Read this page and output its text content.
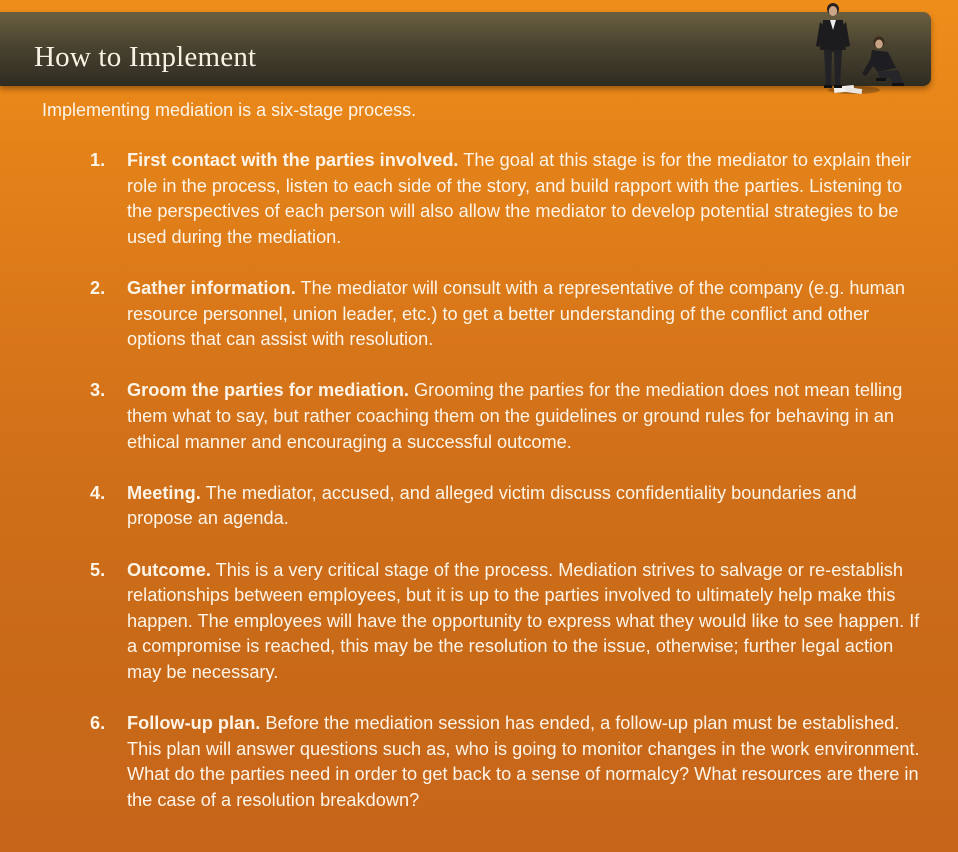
How to Implement

Implementing mediation is a six-stage process.

1. First contact with the parties involved. The goal at this stage is for the mediator to explain their role in the process, listen to each side of the story, and build rapport with the parties. Listening to the perspectives of each person will also allow the mediator to develop potential strategies to be used during the mediation.
2. Gather information. The mediator will consult with a representative of the company (e.g. human resource personnel, union leader, etc.) to get a better understanding of the conflict and other options that can assist with resolution.
3. Groom the parties for mediation. Grooming the parties for the mediation does not mean telling them what to say, but rather coaching them on the guidelines or ground rules for behaving in an ethical manner and encouraging a successful outcome.
4. Meeting. The mediator, accused, and alleged victim discuss confidentiality boundaries and propose an agenda.
5. Outcome. This is a very critical stage of the process. Mediation strives to salvage or re-establish relationships between employees, but it is up to the parties involved to ultimately help make this happen. The employees will have the opportunity to express what they would like to see happen. If a compromise is reached, this may be the resolution to the issue, otherwise; further legal action may be necessary.
6. Follow-up plan. Before the mediation session has ended, a follow-up plan must be established. This plan will answer questions such as, who is going to monitor changes in the work environment. What do the parties need in order to get back to a sense of normalcy? What resources are there in the case of a resolution breakdown?
